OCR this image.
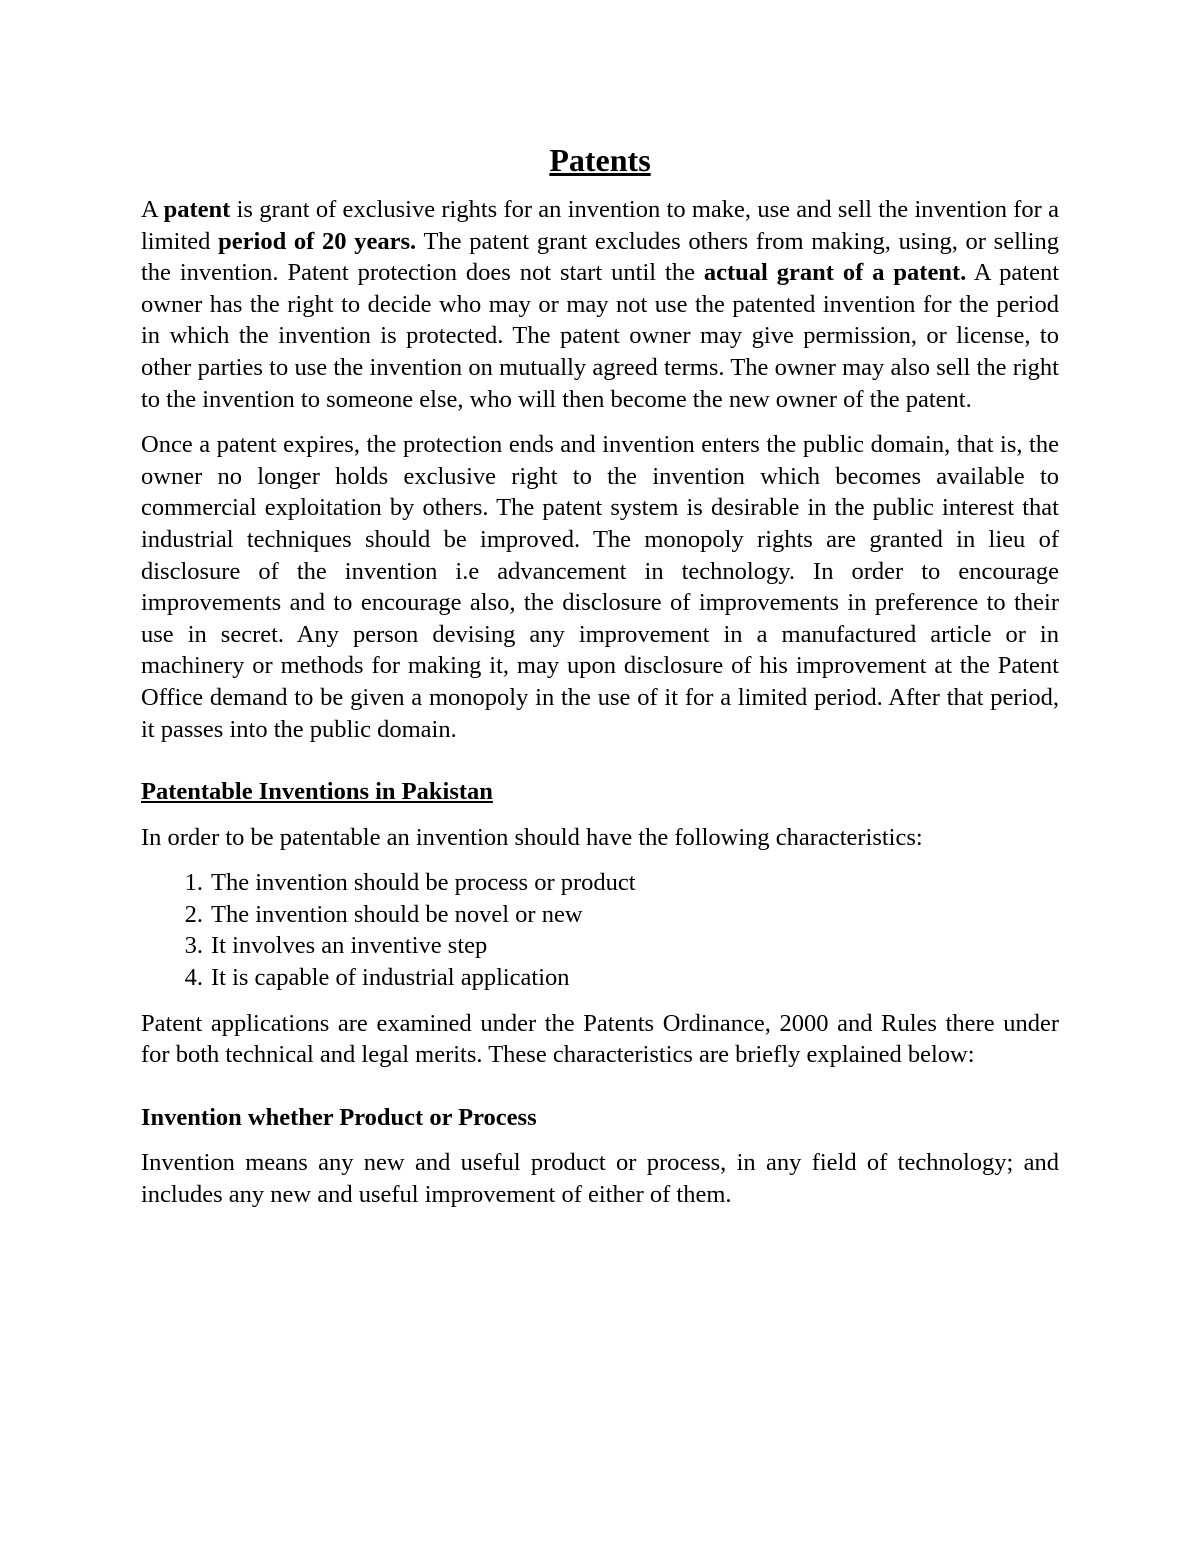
Patents

A patent is grant of exclusive rights for an invention to make, use and sell the invention for a limited period of 20 years. The patent grant excludes others from making, using, or selling the invention. Patent protection does not start until the actual grant of a patent. A patent owner has the right to decide who may or may not use the patented invention for the period in which the invention is protected. The patent owner may give permission, or license, to other parties to use the invention on mutually agreed terms. The owner may also sell the right to the invention to someone else, who will then become the new owner of the patent.

Once a patent expires, the protection ends and invention enters the public domain, that is, the owner no longer holds exclusive right to the invention which becomes available to commercial exploitation by others. The patent system is desirable in the public interest that industrial techniques should be improved. The monopoly rights are granted in lieu of disclosure of the invention i.e advancement in technology. In order to encourage improvements and to encourage also, the disclosure of improvements in preference to their use in secret. Any person devising any improvement in a manufactured article or in machinery or methods for making it, may upon disclosure of his improvement at the Patent Office demand to be given a monopoly in the use of it for a limited period. After that period, it passes into the public domain.

Patentable Inventions in Pakistan

In order to be patentable an invention should have the following characteristics:

1. The invention should be process or product
2. The invention should be novel or new
3. It involves an inventive step
4. It is capable of industrial application

Patent applications are examined under the Patents Ordinance, 2000 and Rules there under for both technical and legal merits. These characteristics are briefly explained below:

Invention whether Product or Process

Invention means any new and useful product or process, in any field of technology; and includes any new and useful improvement of either of them.
